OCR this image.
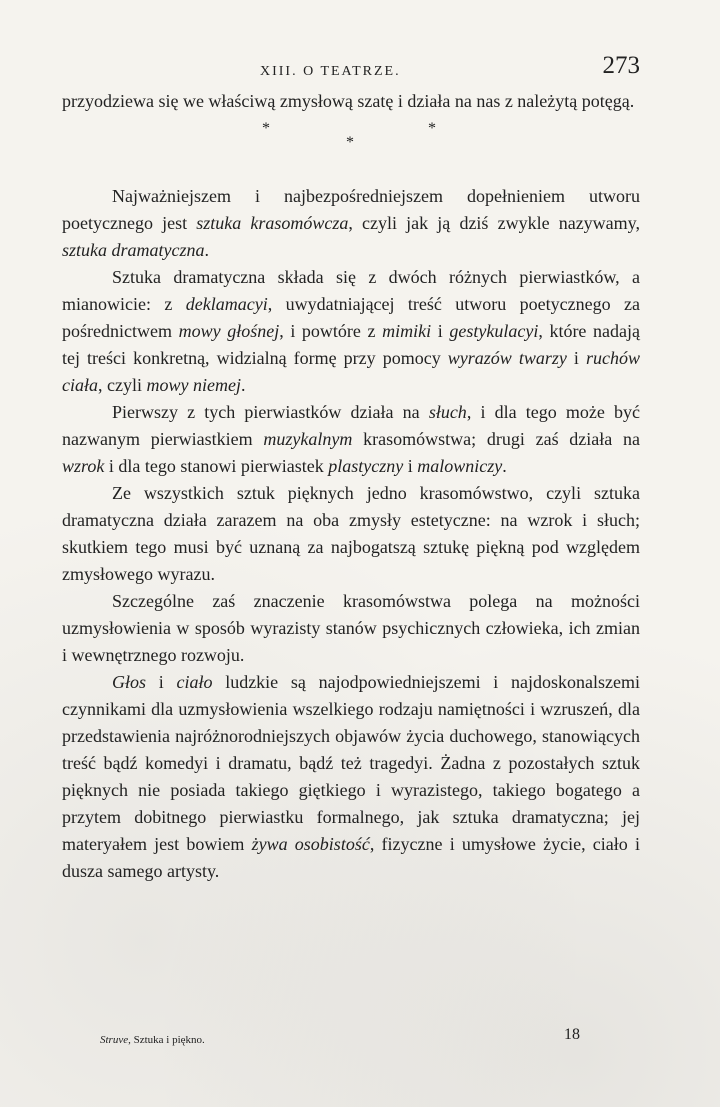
XIII. O TEATRZE.	273

przyodziewa się we właściwą zmysłową szatę i działa na nas z należytą potęgą.

*
*
*

Najważniejszem i najbezpośredniejszem dopełnieniem utworu poetycznego jest sztuka krasomówcza, czyli jak ją dziś zwykle nazywamy, sztuka dramatyczna.

Sztuka dramatyczna składa się z dwóch różnych pierwiastków, a mianowicie: z deklamacyi, uwydatniającej treść utworu poetycznego za pośrednictwem mowy głośnej, i powtóre z mimiki i gestykulacyi, które nadają tej treści konkretną, widzialną formę przy pomocy wyrazów twarzy i ruchów ciała, czyli mowy niemej.

Pierwszy z tych pierwiastków działa na słuch, i dla tego może być nazwanym pierwiastkiem muzykalnym krasomówstwa; drugi zaś działa na wzrok i dla tego stanowi pierwiastek plastyczny i malowniczy.

Ze wszystkich sztuk pięknych jedno krasomówstwo, czyli sztuka dramatyczna działa zarazem na oba zmysły estetyczne: na wzrok i słuch; skutkiem tego musi być uznaną za najbogatszą sztukę piękną pod względem zmysłowego wyrazu.

Szczególne zaś znaczenie krasomówstwa polega na możności uzmysłowienia w sposób wyrazisty stanów psychicznych człowieka, ich zmian i wewnętrznego rozwoju.

Głos i ciało ludzkie są najodpowiedniejszemi i najdoskonalszemi czynnikami dla uzmysłowienia wszelkiego rodzaju namiętności i wzruszeń, dla przedstawienia najróżnorodniejszych objawów życia duchowego, stanowiących treść bądź komedyi i dramatu, bądź też tragedyi. Żadna z pozostałych sztuk pięknych nie posiada takiego giętkiego i wyrazistego, takiego bogatego a przytem dobitnego pierwiastku formalnego, jak sztuka dramatyczna; jej materyałem jest bowiem żywa osobistość, fizyczne i umysłowe życie, ciało i dusza samego artysty.

Struve, Sztuka i piękno.	18
